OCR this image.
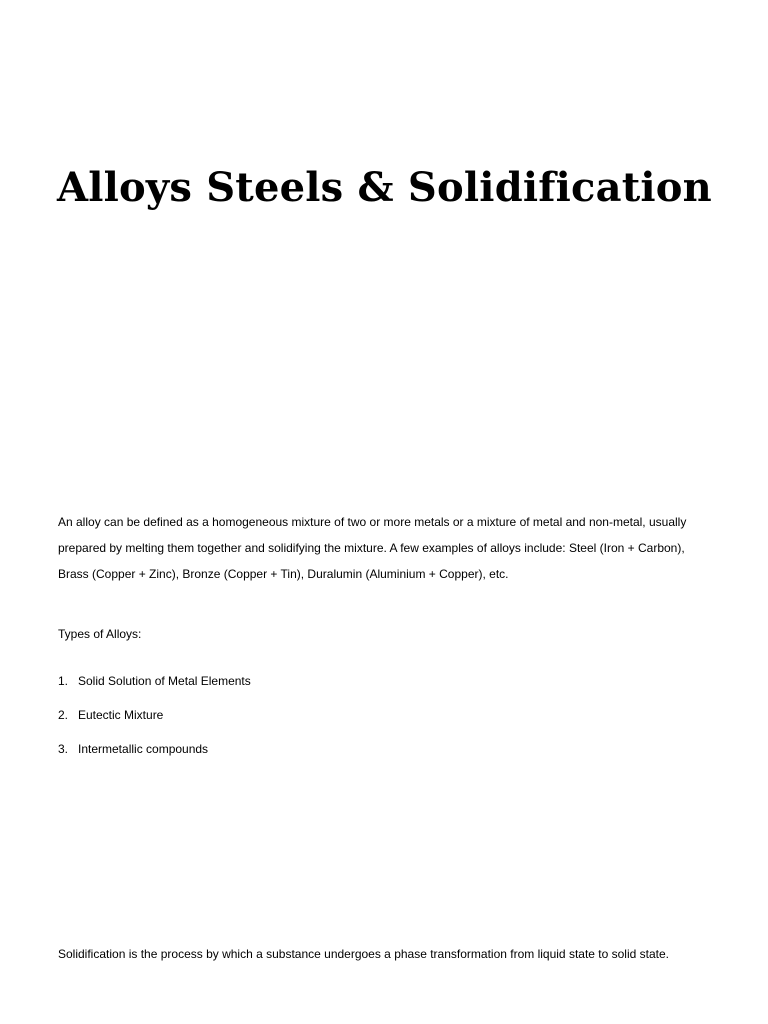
Alloys Steels & Solidification

An alloy can be defined as a homogeneous mixture of two or more metals or a mixture of metal and non-metal, usually prepared by melting them together and solidifying the mixture. A few examples of alloys include: Steel (Iron + Carbon), Brass (Copper + Zinc), Bronze (Copper + Tin), Duralumin (Aluminium + Copper), etc.

Types of Alloys:

1. Solid Solution of Metal Elements
2. Eutectic Mixture
3. Intermetallic compounds

Solidification is the process by which a substance undergoes a phase transformation from liquid state to solid state.
